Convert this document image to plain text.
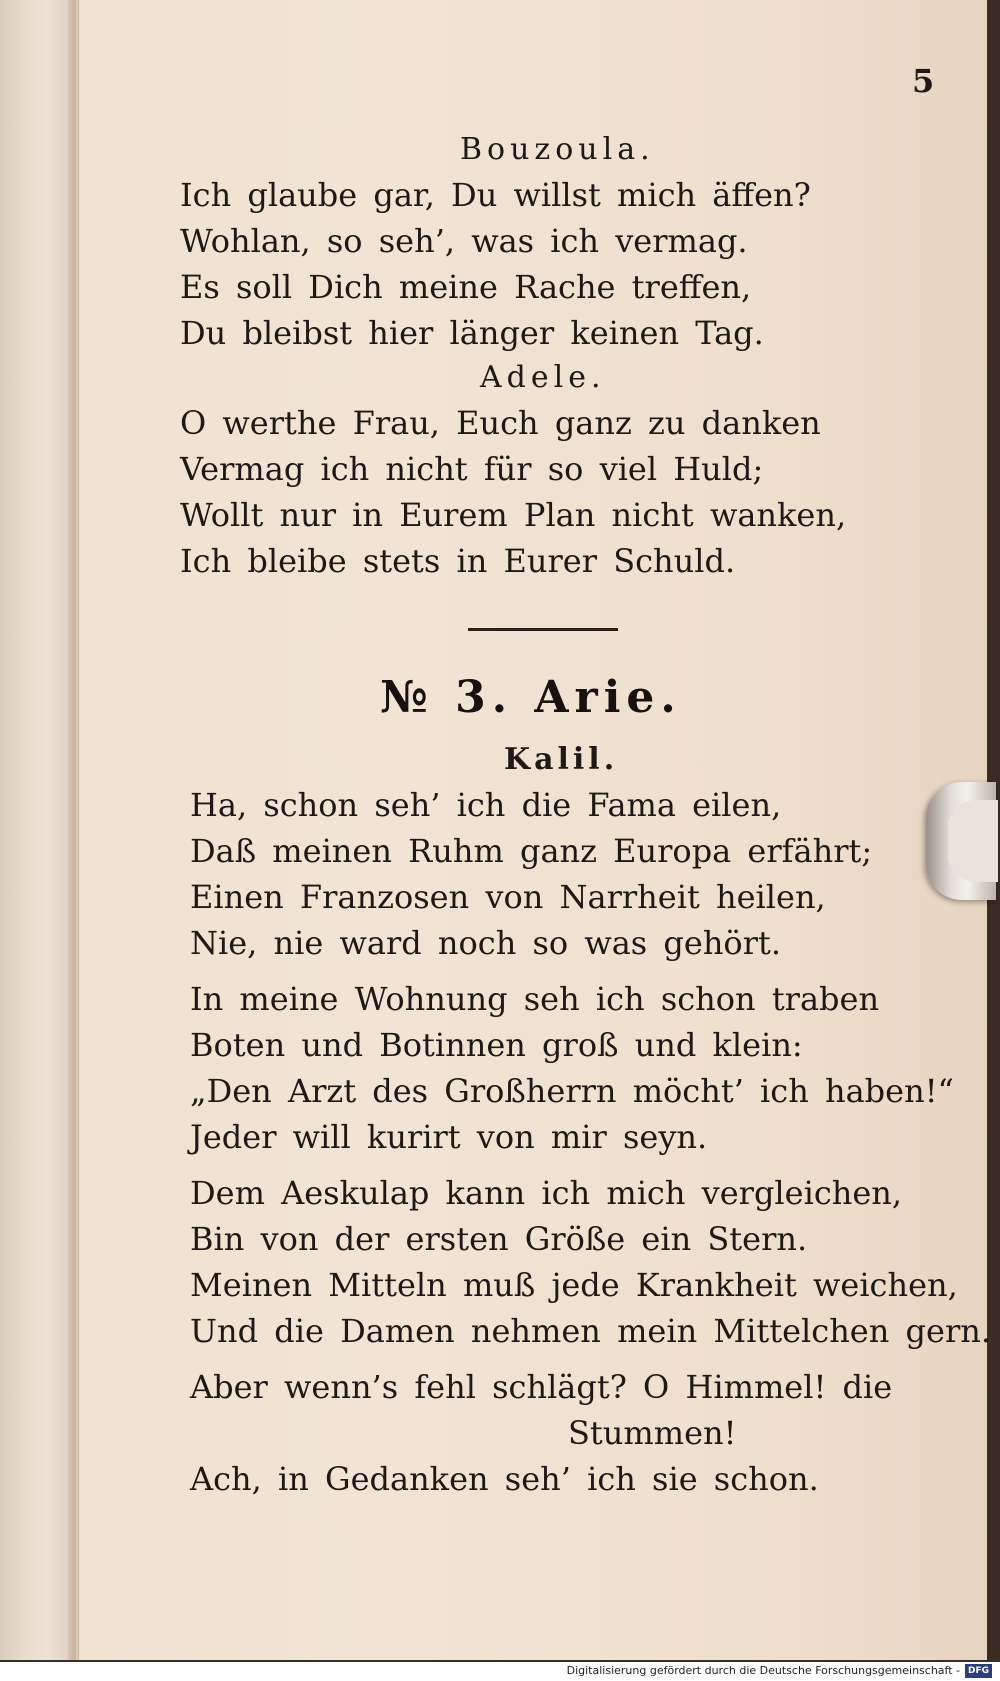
5
Bouzoula.
Ich glaube gar, Du willst mich äffen?
Wohlan, so seh’, was ich vermag.
Es soll Dich meine Rache treffen,
Du bleibst hier länger keinen Tag.
Adele.
O werthe Frau, Euch ganz zu danken
Vermag ich nicht für so viel Huld;
Wollt nur in Eurem Plan nicht wanken,
Ich bleibe stets in Eurer Schuld.
№ 3. Arie.
Kalil.
Ha, schon seh’ ich die Fama eilen,
Daß meinen Ruhm ganz Europa erfährt;
Einen Franzosen von Narrheit heilen,
Nie, nie ward noch so was gehört.
In meine Wohnung seh ich schon traben
Boten und Botinnen groß und klein:
„Den Arzt des Großherrn möcht’ ich haben!“
Jeder will kurirt von mir seyn.
Dem Aeskulap kann ich mich vergleichen,
Bin von der ersten Größe ein Stern.
Meinen Mitteln muß jede Krankheit weichen,
Und die Damen nehmen mein Mittelchen gern.
Aber wenn’s fehl schlägt? O Himmel! die
Stummen!
Ach, in Gedanken seh’ ich sie schon.
Digitalisierung gefördert durch die Deutsche Forschungsgemeinschaft - DFG
